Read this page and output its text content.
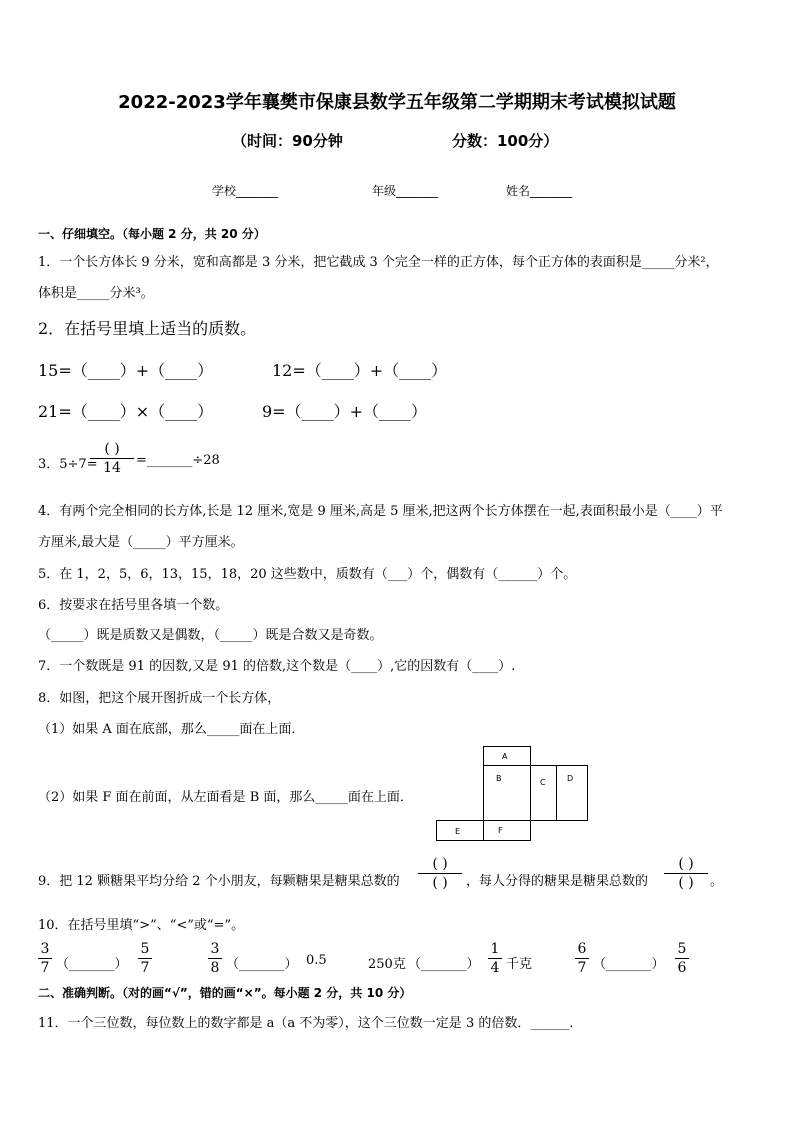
2022-2023学年襄樊市保康县数学五年级第二学期期末考试模拟试题
（时间：90分钟	分数：100分）
学校_______	年级_______	姓名_______
一、仔细填空。（每小题 2 分，共 20 分）
1．一个长方体长 9 分米，宽和高都是 3 分米，把它截成 3 个完全一样的正方体，每个正方体的表面积是_____分米²，
体积是_____分米³。
2．在括号里填上适当的质数。
15=（____）+（____）	12=（____）+（____）
21=（____）×（____）	9=（____）+（____）
3．5÷7=
( )
14	=_______÷28
4．有两个完全相同的长方体,长是 12 厘米,宽是 9 厘米,高是 5 厘米,把这两个长方体摆在一起,表面积最小是（____）平
方厘米,最大是（_____）平方厘米。
5．在 1，2，5，6，13，15，18，20 这些数中，质数有（___）个，偶数有（______）个。
6．按要求在括号里各填一个数。
（_____）既是质数又是偶数，（_____）既是合数又是奇数。
7．一个数既是 91 的因数,又是 91 的倍数,这个数是（____）,它的因数有（____）.
8．如图，把这个展开图折成一个长方体，
（1）如果 A 面在底部，那么_____面在上面．
（2）如果 F 面在前面，从左面看是 B 面，那么_____面在上面．
A
B	C	D
E	F
9．把 12 颗糖果平均分给 2 个小朋友，每颗糖果是糖果总数的
( )
( )	，每人分得的糖果是糖果总数的
( )
( )	。
10．在括号里填“>”、“<”或“=”。
3
7 （_______）
5
7
3
8 （_______） 0.5	250克 （_______）
1
4 千克
6
7 （_______）
5
6
二、准确判断。（对的画“√”，错的画“×”。每小题 2 分，共 10 分）
11．一个三位数，每位数上的数字都是 a（a 不为零），这个三位数一定是 3 的倍数．______．
